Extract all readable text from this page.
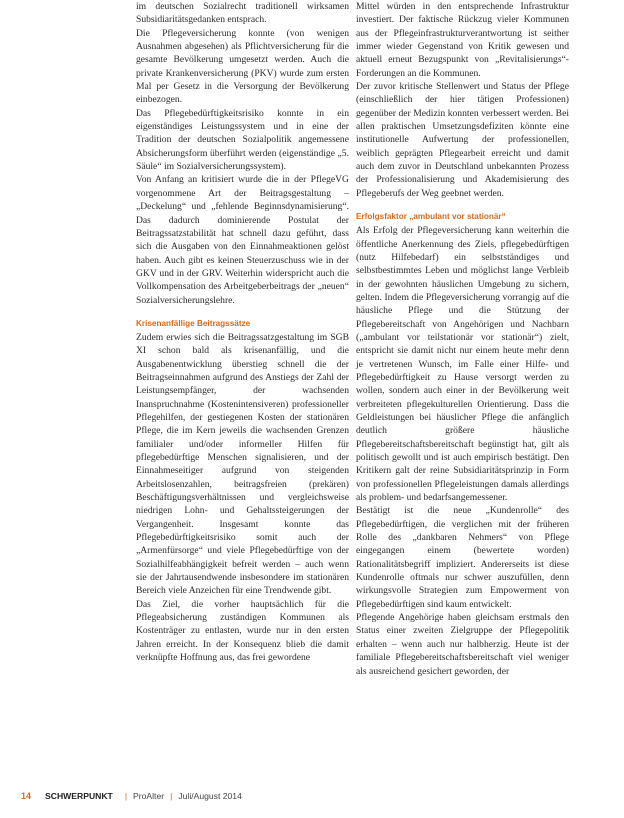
im deutschen Sozialrecht traditionell wirksamen Subsidiaritätsgedanken entsprach.

Die Pflegeversicherung konnte (von wenigen Ausnahmen abgesehen) als Pflichtversicherung für die gesamte Bevölkerung umgesetzt werden. Auch die private Krankenversicherung (PKV) wurde zum ersten Mal per Gesetz in die Versorgung der Bevölkerung einbezogen.

Das Pflegebedürftigkeitsrisiko konnte in ein eigenständiges Leistungssystem und in eine der Tradition der deutschen Sozialpolitik angemessene Absicherungsform überführt werden (eigenständige „5. Säule“ im Sozialversicherungssystem).

Von Anfang an kritisiert wurde die in der PflegeVG vorgenommene Art der Beitragsgestaltung – „Deckelung“ und „fehlende Beginnsdynamisierung“. Das dadurch dominierende Postulat der Beitragssatzstabilität hat schnell dazu geführt, dass sich die Ausgaben von den Einnahmeaktionen gelöst haben. Auch gibt es keinen Steuerzuschuss wie in der GKV und in der GRV. Weiterhin widerspricht auch die Vollkompensation des Arbeitgeberbeitrags der „neuen“ Sozialversicherungslehre.

Krisenanfällige Beitragssätze

Zudem erwies sich die Beitragssatzgestaltung im SGB XI schon bald als krisenanfällig, und die Ausgabenentwicklung überstieg schnell die der Beitragseinnahmen aufgrund des Anstiegs der Zahl der Leistungsempfänger, der wachsenden Inanspruchnahme (Kostenintensiveren) professioneller Pflegehilfen, der gestiegenen Kosten der stationären Pflege, die im Kern jeweils die wachsenden Grenzen familialer und/oder informeller Hilfen für pflegebedürftige Menschen signalisieren, und der Einnahmeseitiger aufgrund von steigenden Arbeitslosenzahlen, beitragsfreien (prekären) Beschäftigungsverhältnissen und vergleichsweise niedrigen Lohn- und Gehaltssteigerungen der Vergangenheit. Insgesamt konnte das Pflegebedürftigkeitsrisiko somit auch der „Armenfürsorge“ und viele Pflegebedürftige von der Sozialhilfeabhängigkeit befreit werden – auch wenn sie der Jahrtausendwende insbesondere im stationären Bereich viele Anzeichen für eine Trendwende gibt.

Das Ziel, die vorher hauptsächlich für die Pflegeabsicherung zuständigen Kommunen als Kostenträger zu entlasten, wurde nur in den ersten Jahren erreicht. In der Konsequenz blieb die damit verknüpfte Hoffnung aus, das frei gewordene

Mittel würden in den entsprechende Infrastruktur investiert. Der faktische Rückzug vieler Kommunen aus der Pflegeinfrastrukturverantwortung ist seither immer wieder Gegenstand von Kritik gewesen und aktuell erneut Bezugspunkt von „Revitalisierungs“-Forderungen an die Kommunen.

Der zuvor kritische Stellenwert und Status der Pflege (einschließlich der hier tätigen Professionen) gegenüber der Medizin konnten verbessert werden. Bei allen praktischen Umsetzungsdefiziten könnte eine institutionelle Aufwertung der professionellen, weiblich geprägten Pflegearbeit erreicht und damit auch dem zuvor in Deutschland unbekannten Prozess der Professionalisierung und Akademisierung des Pflegeberufs der Weg geebnet werden.

Erfolgsfaktor „ambulant vor stationär“

Als Erfolg der Pflegeversicherung kann weiterhin die öffentliche Anerkennung des Ziels, pflegebedürftigen (nutz Hilfebedarf) ein selbstständiges und selbstbestimmtes Leben und möglichst lange Verbleib in der gewohnten häuslichen Umgebung zu sichern, gelten. Indem die Pflegeversicherung vorrangig auf die häusliche Pflege und die Stützung der Pflegebereitschaft von Angehörigen und Nachbarn („ambulant vor teilstationär vor stationär“) zielt, entspricht sie damit nicht nur einem heute mehr denn je vertretenen Wunsch, im Falle einer Hilfe- und Pflegebedürftigkeit zu Hause versorgt werden zu wollen, sondern auch einer in der Bevölkerung weit verbreiteten pflegekulturellen Orientierung. Dass die Geldleistungen bei häuslicher Pflege die anfänglich deutlich größere häusliche Pflegebereitschaftsbereitschaft begünstigt hat, gilt als politisch gewollt und ist auch empirisch bestätigt. Den Kritikern galt der reine Subsidiaritätsprinzip in Form von professionellen Pflegeleistungen damals allerdings als problem- und bedarfsangemessener.

Bestätigt ist die neue „Kundenrolle“ des Pflegebedürftigen, die verglichen mit der früheren Rolle des „dankbaren Nehmers“ von Pflege eingegangen einem (bewertete worden) Rationalitätsbegriff impliziert. Andererseits ist diese Kundenrolle oftmals nur schwer auszufüllen, denn wirkungsvolle Strategien zum Empowerment von Pflegebedürftigen sind kaum entwickelt.

Pflegende Angehörige haben gleichsam erstmals den Status einer zweiten Zielgruppe der Pflegepolitik erhalten – wenn auch nur halbherzig. Heute ist der familiale Pflegebereitschaftsbereitschaft viel weniger als ausreichend gesichert geworden, der

14 SCHWERPUNKT | ProAlter | Juli/August 2014
